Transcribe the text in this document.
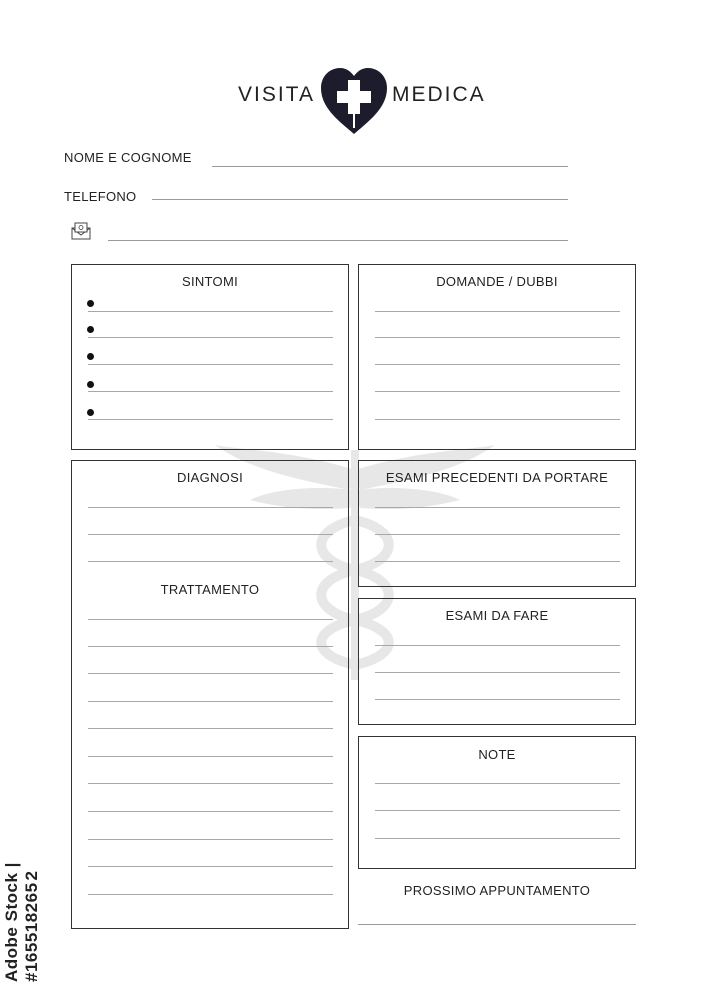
VISITA	MEDICA
NOME E COGNOME
TELEFONO
SINTOMI	DOMANDE / DUBBI
DIAGNOSI
TRATTAMENTO
ESAMI PRECEDENTI DA PORTARE
ESAMI DA FARE
NOTE
PROSSIMO APPUNTAMENTO
Adobe Stock | #165518265 2
